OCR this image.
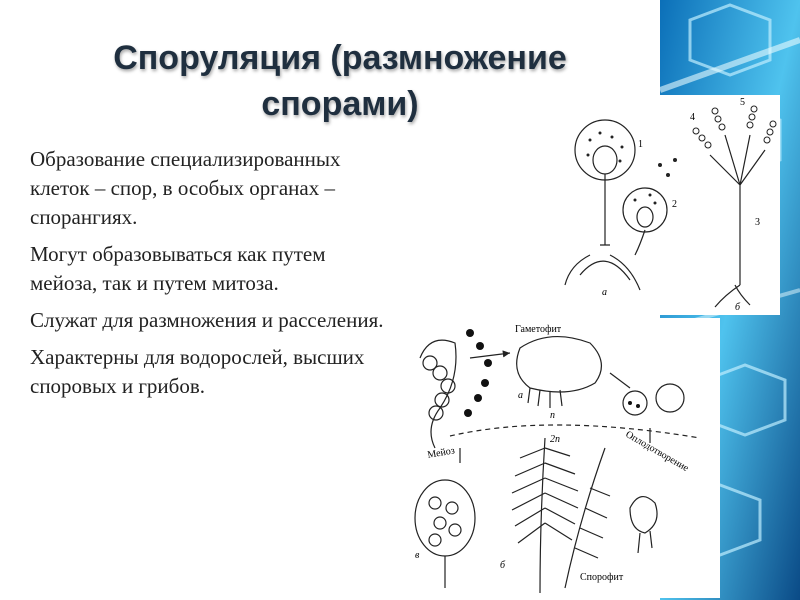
Споруляция (размножение
спорами)

Образование специализированных клеток – спор, в особых органах – спорангиях.

Могут образовываться как путем мейоза, так и путем митоза.

Служат для размножения и расселения.

Характерны для водорослей, высших споровых и грибов.

1
2
3
4
5
а
б
Гаметофит
Мейоз	Оплодотворение
Спорофит
n
2n
а
б
в
